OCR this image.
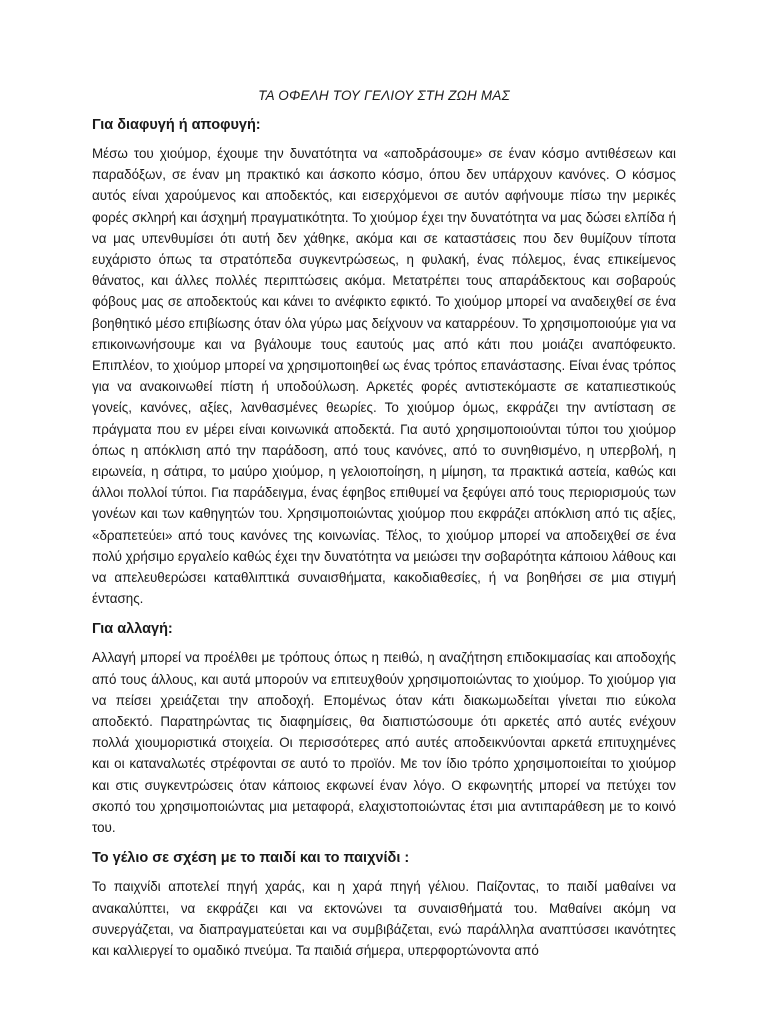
ΤΑ ΟΦΕΛΗ ΤΟΥ ΓΕΛΙΟΥ ΣΤΗ ΖΩΗ ΜΑΣ
Για διαφυγή ή αποφυγή:

Μέσω του χιούμορ, έχουμε την δυνατότητα να «αποδράσουμε» σε έναν κόσμο αντιθέσεων και παραδόξων, σε έναν μη πρακτικό και άσκοπο κόσμο, όπου δεν υπάρχουν κανόνες. Ο κόσμος αυτός είναι χαρούμενος και αποδεκτός, και εισερχόμενοι σε αυτόν αφήνουμε πίσω την μερικές φορές σκληρή και άσχημή πραγματικότητα. Το χιούμορ έχει την δυνατότητα να μας δώσει ελπίδα ή να μας υπενθυμίσει ότι αυτή δεν χάθηκε, ακόμα και σε καταστάσεις που δεν θυμίζουν τίποτα ευχάριστο όπως τα στρατόπεδα συγκεντρώσεως, η φυλακή, ένας πόλεμος, ένας επικείμενος θάνατος, και άλλες πολλές περιπτώσεις ακόμα. Μετατρέπει τους απαράδεκτους και σοβαρούς φόβους μας σε αποδεκτούς και κάνει το ανέφικτο εφικτό. Το χιούμορ μπορεί να αναδειχθεί σε ένα βοηθητικό μέσο επιβίωσης όταν όλα γύρω μας δείχνουν να καταρρέουν. Το χρησιμοποιούμε για να επικοινωνήσουμε και να βγάλουμε τους εαυτούς μας από κάτι που μοιάζει αναπόφευκτο. Επιπλέον, το χιούμορ μπορεί να χρησιμοποιηθεί ως ένας τρόπος επανάστασης. Είναι ένας τρόπος για να ανακοινωθεί πίστη ή υποδούλωση. Αρκετές φορές αντιστεκόμαστε σε καταπιεστικούς γονείς, κανόνες, αξίες, λανθασμένες θεωρίες. Το χιούμορ όμως, εκφράζει την αντίσταση σε πράγματα που εν μέρει είναι κοινωνικά αποδεκτά. Για αυτό χρησιμοποιούνται τύποι του χιούμορ όπως η απόκλιση από την παράδοση, από τους κανόνες, από το συνηθισμένο, η υπερβολή, η ειρωνεία, η σάτιρα, το μαύρο χιούμορ, η γελοιοποίηση, η μίμηση, τα πρακτικά αστεία, καθώς και άλλοι πολλοί τύποι. Για παράδειγμα, ένας έφηβος επιθυμεί να ξεφύγει από τους περιορισμούς των γονέων και των καθηγητών του. Χρησιμοποιώντας χιούμορ που εκφράζει απόκλιση από τις αξίες, «δραπετεύει» από τους κανόνες της κοινωνίας. Τέλος, το χιούμορ μπορεί να αποδειχθεί σε ένα πολύ χρήσιμο εργαλείο καθώς έχει την δυνατότητα να μειώσει την σοβαρότητα κάποιου λάθους και να απελευθερώσει καταθλιπτικά συναισθήματα, κακοδιαθεσίες, ή να βοηθήσει σε μια στιγμή έντασης.

Για αλλαγή:

Αλλαγή μπορεί να προέλθει με τρόπους όπως η πειθώ, η αναζήτηση επιδοκιμασίας και αποδοχής από τους άλλους, και αυτά μπορούν να επιτευχθούν χρησιμοποιώντας το χιούμορ. Το χιούμορ για να πείσει χρειάζεται την αποδοχή. Επομένως όταν κάτι διακωμωδείται γίνεται πιο εύκολα αποδεκτό. Παρατηρώντας τις διαφημίσεις, θα διαπιστώσουμε ότι αρκετές από αυτές ενέχουν πολλά χιουμοριστικά στοιχεία. Οι περισσότερες από αυτές αποδεικνύονται αρκετά επιτυχημένες και οι καταναλωτές στρέφονται σε αυτό το προϊόν. Με τον ίδιο τρόπο χρησιμοποιείται το χιούμορ και στις συγκεντρώσεις όταν κάποιος εκφωνεί έναν λόγο. Ο εκφωνητής μπορεί να πετύχει τον σκοπό του χρησιμοποιώντας μια μεταφορά, ελαχιστοποιώντας έτσι μια αντιπαράθεση με το κοινό του.

Το γέλιο σε σχέση με το παιδί και το παιχνίδι :

Το παιχνίδι αποτελεί πηγή χαράς, και η χαρά πηγή γέλιου. Παίζοντας, το παιδί μαθαίνει να ανακαλύπτει, να εκφράζει και να εκτονώνει τα συναισθήματά του. Μαθαίνει ακόμη να συνεργάζεται, να διαπραγματεύεται και να συμβιβάζεται, ενώ παράλληλα αναπτύσσει ικανότητες και καλλιεργεί το ομαδικό πνεύμα. Τα παιδιά σήμερα, υπερφορτώνοντα από
